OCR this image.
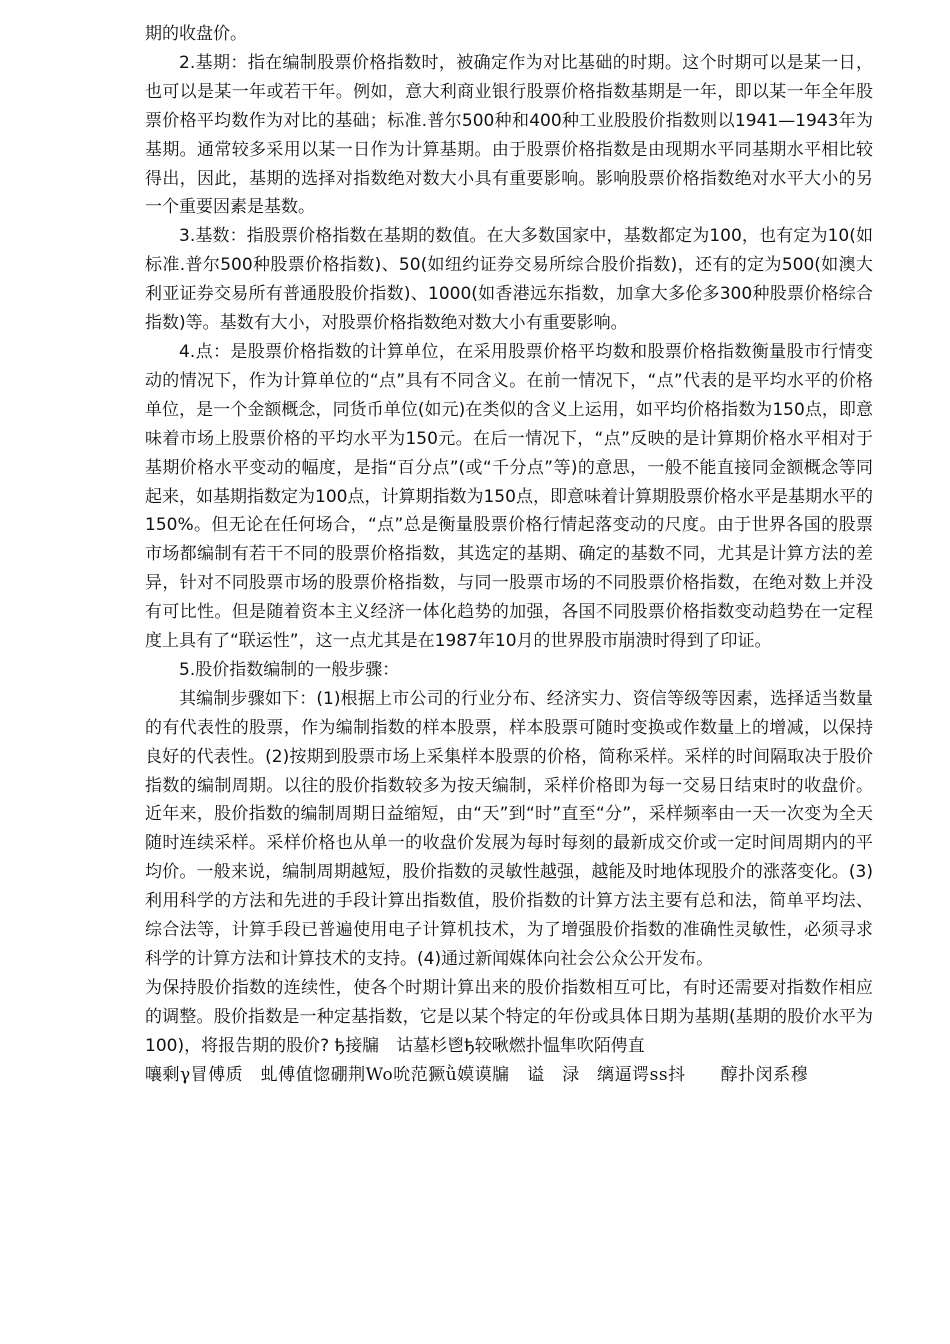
期的收盘价。

2.基期：指在编制股票价格指数时，被确定作为对比基础的时期。这个时期可以是某一日，也可以是某一年或若干年。例如，意大利商业银行股票价格指数基期是一年，即以某一年全年股票价格平均数作为对比的基础；标准.普尔500种和400种工业股股价指数则以1941—1943年为基期。通常较多采用以某一日作为计算基期。由于股票价格指数是由现期水平同基期水平相比较得出，因此，基期的选择对指数绝对数大小具有重要影响。影响股票价格指数绝对水平大小的另一个重要因素是基数。

3.基数：指股票价格指数在基期的数值。在大多数国家中，基数都定为100，也有定为10(如标准.普尔500种股票价格指数)、50(如纽约证券交易所综合股价指数)，还有的定为500(如澳大利亚证券交易所有普通股股价指数)、1000(如香港远东指数，加拿大多伦多300种股票价格综合指数)等。基数有大小，对股票价格指数绝对数大小有重要影响。

4.点：是股票价格指数的计算单位，在采用股票价格平均数和股票价格指数衡量股市行情变动的情况下，作为计算单位的“点”具有不同含义。在前一情况下，“点”代表的是平均水平的价格单位，是一个金额概念，同货币单位(如元)在类似的含义上运用，如平均价格指数为150点，即意味着市场上股票价格的平均水平为150元。在后一情况下，“点”反映的是计算期价格水平相对于基期价格水平变动的幅度，是指“百分点”(或“千分点”等)的意思，一般不能直接同金额概念等同起来，如基期指数定为100点，计算期指数为150点，即意味着计算期股票价格水平是基期水平的150%。但无论在任何场合，“点”总是衡量股票价格行情起落变动的尺度。由于世界各国的股票市场都编制有若干不同的股票价格指数，其选定的基期、确定的基数不同，尤其是计算方法的差异，针对不同股票市场的股票价格指数，与同一股票市场的不同股票价格指数，在绝对数上并没有可比性。但是随着资本主义经济一体化趋势的加强，各国不同股票价格指数变动趋势在一定程度上具有了“联运性”，这一点尤其是在1987年10月的世界股市崩溃时得到了印证。

5.股价指数编制的一般步骤：

其编制步骤如下：(1)根据上市公司的行业分布、经济实力、资信等级等因素，选择适当数量的有代表性的股票，作为编制指数的样本股票，样本股票可随时变换或作数量上的增减，以保持良好的代表性。(2)按期到股票市场上采集样本股票的价格，简称采样。采样的时间隔取决于股价指数的编制周期。以往的股价指数较多为按天编制，采样价格即为每一交易日结束时的收盘价。近年来，股价指数的编制周期日益缩短，由“天”到“时”直至“分”，采样频率由一天一次变为全天随时连续采样。采样价格也从单一的收盘价发展为每时每刻的最新成交价或一定时间周期内的平均价。一般来说，编制周期越短，股价指数的灵敏性越强，越能及时地体现股介的涨落变化。(3)利用科学的方法和先进的手段计算出指数值，股价指数的计算方法主要有总和法，简单平均法、综合法等，计算手段已普遍使用电子计算机技术，为了增强股价指数的准确性灵敏性，必须寻求科学的计算方法和计算技术的支持。(4)通过新闻媒体向社会公众公开发布。

为保持股价指数的连续性，使各个时期计算出来的股价指数相互可比，有时还需要对指数作相应的调整。股价指数是一种定基指数，它是以某个特定的年份或具体日期为基期(基期的股价水平为100)，将报告期的股价? ђ接牖　诂墓杉鬯ђ较啾燃扑愠隼吹陌俜直

嚷剩γ冒傅质　虬傅值惚硼荆Wo吮范獗ǜ嫫谟牖　谥　渌　缡逼谔ss抖　　醇扑闵系穆
